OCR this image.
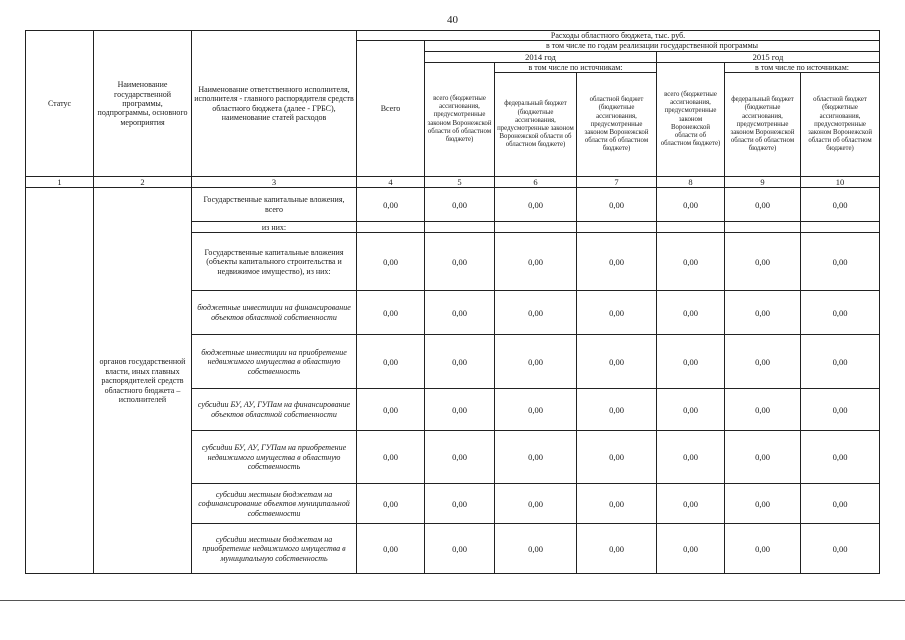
40
Статус	Наименование государственной программы, подпрограммы, основного мероприятия	Наименование ответственного исполнителя, исполнителя - главного распорядителя средств областного бюджета (далее - ГРБС), наименование статей расходов	Расходы областного бюджета, тыс. руб.						
			Всего	в том числе по годам реализации государственной программы					
				2014 год			2015 год		
				всего (бюджетные ассигнования, предусмотренные законом Воронежской области об областном бюджете)	в том числе по источникам:		всего (бюджетные ассигнования, предусмотренные законом Воронежской области об областном бюджете)	в том числе по источникам:	
					федеральный бюджет (бюджетные ассигнования, предусмотренные законом Воронежской области об областном бюджете)	областной бюджет (бюджетные ассигнования, предусмотренные законом Воронежской области об областном бюджете)		федеральный бюджет (бюджетные ассигнования, предусмотренные законом Воронежской области об областном бюджете)	областной бюджет (бюджетные ассигнования, предусмотренные законом Воронежской области об областном бюджете)
1	2	3	4	5	6	7	8	9	10
	органов государственной власти, иных главных распорядителей средств областного бюджета – исполнителей	Государственные капитальные вложения, всего	0,00	0,00	0,00	0,00	0,00	0,00	0,00
		из них:							
		Государственные капитальные вложения (объекты капитального строительства и недвижимое имущество), из них:	0,00	0,00	0,00	0,00	0,00	0,00	0,00
		бюджетные инвестиции на финансирование объектов областной собственности	0,00	0,00	0,00	0,00	0,00	0,00	0,00
		бюджетные инвестиции на приобретение недвижимого имущества в областную собственность	0,00	0,00	0,00	0,00	0,00	0,00	0,00
		субсидии БУ, АУ, ГУПам на финансирование объектов областной собственности	0,00	0,00	0,00	0,00	0,00	0,00	0,00
		субсидии БУ, АУ, ГУПам на приобретение недвижимого имущества в областную собственность	0,00	0,00	0,00	0,00	0,00	0,00	0,00
		субсидии местным бюджетам на софинансирование объектов муниципальной собственности	0,00	0,00	0,00	0,00	0,00	0,00	0,00
		субсидии местным бюджетам на приобретение недвижимого имущества в муниципальную собственность	0,00	0,00	0,00	0,00	0,00	0,00	0,00
